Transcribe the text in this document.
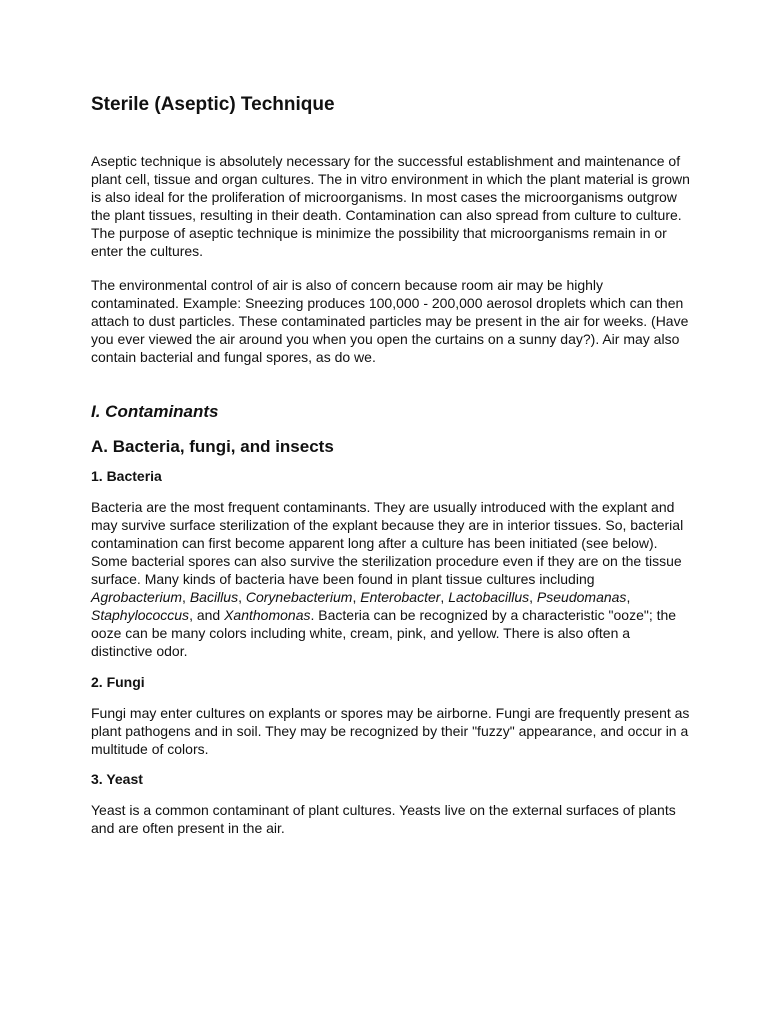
Sterile (Aseptic) Technique

Aseptic technique is absolutely necessary for the successful establishment and maintenance of plant cell, tissue and organ cultures. The in vitro environment in which the plant material is grown is also ideal for the proliferation of microorganisms. In most cases the microorganisms outgrow the plant tissues, resulting in their death. Contamination can also spread from culture to culture. The purpose of aseptic technique is minimize the possibility that microorganisms remain in or enter the cultures.

The environmental control of air is also of concern because room air may be highly contaminated. Example: Sneezing produces 100,000 - 200,000 aerosol droplets which can then attach to dust particles. These contaminated particles may be present in the air for weeks. (Have you ever viewed the air around you when you open the curtains on a sunny day?). Air may also contain bacterial and fungal spores, as do we.

I. Contaminants
A. Bacteria, fungi, and insects
1. Bacteria

Bacteria are the most frequent contaminants. They are usually introduced with the explant and may survive surface sterilization of the explant because they are in interior tissues. So, bacterial contamination can first become apparent long after a culture has been initiated (see below). Some bacterial spores can also survive the sterilization procedure even if they are on the tissue surface. Many kinds of bacteria have been found in plant tissue cultures including Agrobacterium, Bacillus, Corynebacterium, Enterobacter, Lactobacillus, Pseudomanas, Staphylococcus, and Xanthomonas. Bacteria can be recognized by a characteristic "ooze"; the ooze can be many colors including white, cream, pink, and yellow. There is also often a distinctive odor.

2. Fungi

Fungi may enter cultures on explants or spores may be airborne. Fungi are frequently present as plant pathogens and in soil. They may be recognized by their "fuzzy" appearance, and occur in a multitude of colors.

3. Yeast

Yeast is a common contaminant of plant cultures. Yeasts live on the external surfaces of plants and are often present in the air.
